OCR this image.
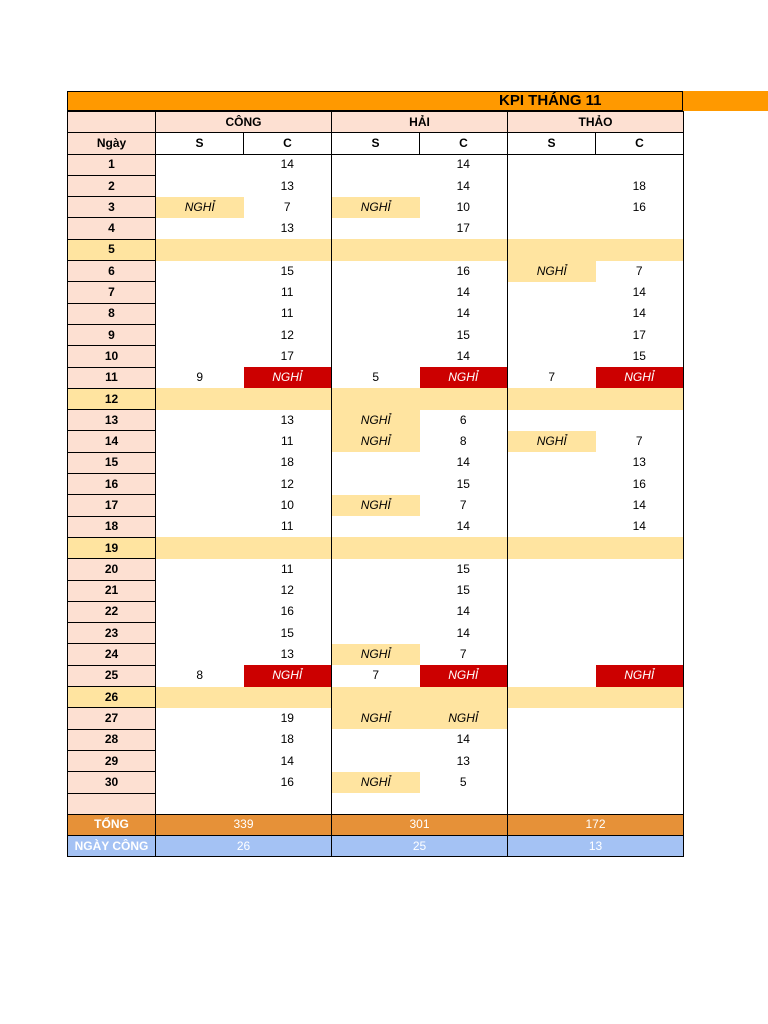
KPI THÁNG 11
	CÔNG		HẢI		THẢO	
Ngày	S	C	S	C	S	C
1		14		14		
2		13		14		18
3	NGHỈ	7	NGHỈ	10		16
4		13		17		
5						
6		15		16	NGHỈ	7
7		11		14		14
8		11		14		14
9		12		15		17
10		17		14		15
11	9	NGHỈ	5	NGHỈ	7	NGHỈ
12						
13		13	NGHỈ	6		
14		11	NGHỈ	8	NGHỈ	7
15		18		14		13
16		12		15		16
17		10	NGHỈ	7		14
18		11		14		14
19						
20		11		15		
21		12		15		
22		16		14		
23		15		14		
24		13	NGHỈ	7		
25	8	NGHỈ	7	NGHỈ		NGHỈ
26						
27		19	NGHỈ	NGHỈ		
28		18		14		
29		14		13		
30		16	NGHỈ	5		

TỔNG	339		301		172	
NGÀY CÔNG	26		25		13	
